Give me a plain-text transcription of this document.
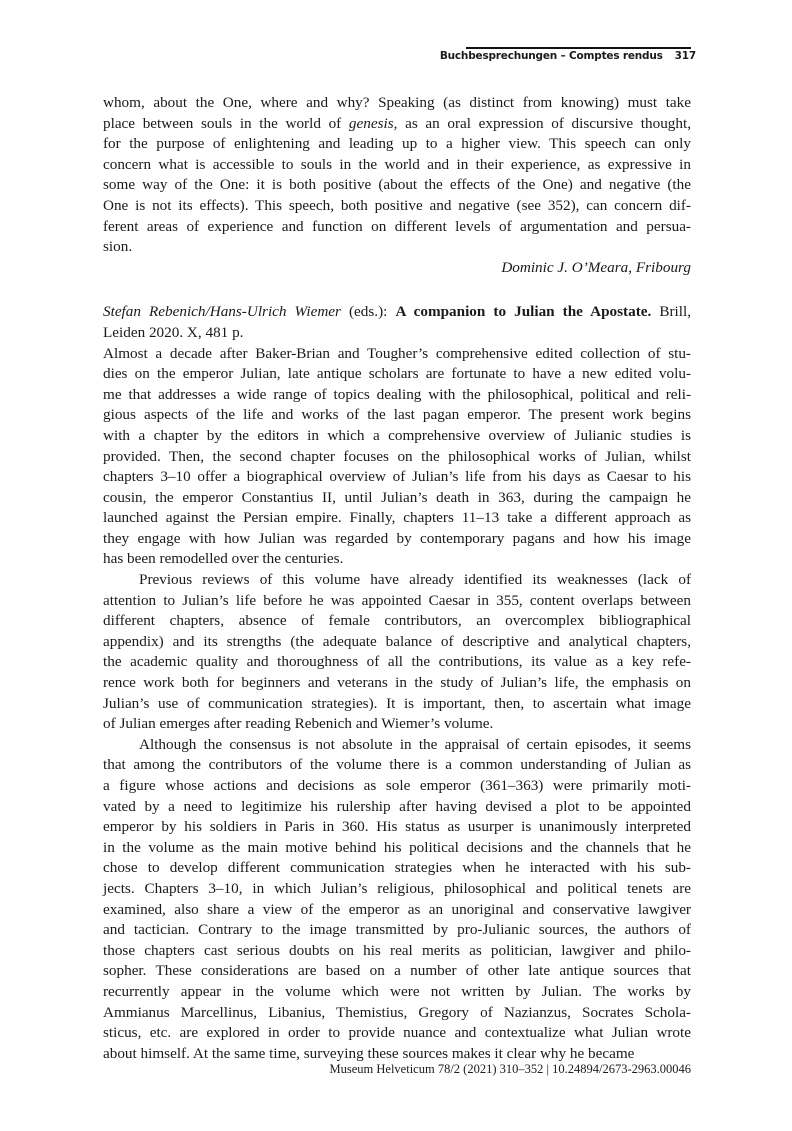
Buchbesprechungen – Comptes rendus 317
whom, about the One, where and why? Speaking (as distinct from knowing) must take
place between souls in the world of genesis, as an oral expression of discursive thought,
for the purpose of enlightening and leading up to a higher view. This speech can only
concern what is accessible to souls in the world and in their experience, as expressive in
some way of the One: it is both positive (about the effects of the One) and negative (the
One is not its effects). This speech, both positive and negative (see 352), can concern dif-
ferent areas of experience and function on different levels of argumentation and persua-
sion.
Dominic J. O’Meara, Fribourg
Stefan Rebenich/Hans-Ulrich Wiemer (eds.): A companion to Julian the Apostate. Brill,
Leiden 2020. X, 481 p.
Almost a decade after Baker-Brian and Tougher’s comprehensive edited collection of stu-
dies on the emperor Julian, late antique scholars are fortunate to have a new edited volu-
me that addresses a wide range of topics dealing with the philosophical, political and reli-
gious aspects of the life and works of the last pagan emperor. The present work begins
with a chapter by the editors in which a comprehensive overview of Julianic studies is
provided. Then, the second chapter focuses on the philosophical works of Julian, whilst
chapters 3–10 offer a biographical overview of Julian’s life from his days as Caesar to his
cousin, the emperor Constantius II, until Julian’s death in 363, during the campaign he
launched against the Persian empire. Finally, chapters 11–13 take a different approach as
they engage with how Julian was regarded by contemporary pagans and how his image
has been remodelled over the centuries.
Previous reviews of this volume have already identified its weaknesses (lack of
attention to Julian’s life before he was appointed Caesar in 355, content overlaps between
different chapters, absence of female contributors, an overcomplex bibliographical
appendix) and its strengths (the adequate balance of descriptive and analytical chapters,
the academic quality and thoroughness of all the contributions, its value as a key refe-
rence work both for beginners and veterans in the study of Julian’s life, the emphasis on
Julian’s use of communication strategies). It is important, then, to ascertain what image
of Julian emerges after reading Rebenich and Wiemer’s volume.
Although the consensus is not absolute in the appraisal of certain episodes, it seems
that among the contributors of the volume there is a common understanding of Julian as
a figure whose actions and decisions as sole emperor (361–363) were primarily moti-
vated by a need to legitimize his rulership after having devised a plot to be appointed
emperor by his soldiers in Paris in 360. His status as usurper is unanimously interpreted
in the volume as the main motive behind his political decisions and the channels that he
chose to develop different communication strategies when he interacted with his sub-
jects. Chapters 3–10, in which Julian’s religious, philosophical and political tenets are
examined, also share a view of the emperor as an unoriginal and conservative lawgiver
and tactician. Contrary to the image transmitted by pro-Julianic sources, the authors of
those chapters cast serious doubts on his real merits as politician, lawgiver and philo-
sopher. These considerations are based on a number of other late antique sources that
recurrently appear in the volume which were not written by Julian. The works by
Ammianus Marcellinus, Libanius, Themistius, Gregory of Nazianzus, Socrates Schola-
sticus, etc. are explored in order to provide nuance and contextualize what Julian wrote
about himself. At the same time, surveying these sources makes it clear why he became
Museum Helveticum 78/2 (2021) 310–352 | 10.24894/2673-2963.00046
